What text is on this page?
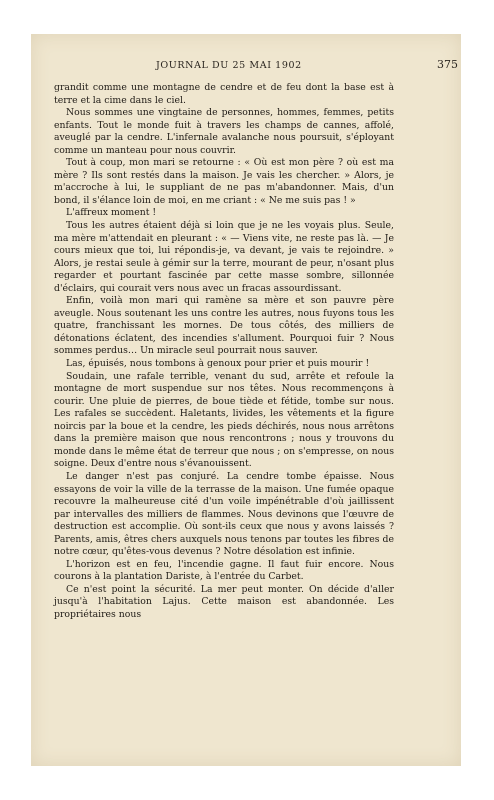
JOURNAL DU 25 MAI 1902	375

grandit comme une montagne de cendre et de feu dont la base est à terre et la cime dans le ciel.

Nous sommes une vingtaine de personnes, hommes, femmes, petits enfants. Tout le monde fuit à travers les champs de cannes, affolé, aveuglé par la cendre. L'infernale avalanche nous poursuit, s'éployant comme un manteau pour nous couvrir.

Tout à coup, mon mari se retourne : « Où est mon père ? où est ma mère ? Ils sont restés dans la maison. Je vais les chercher. » Alors, je m'accroche à lui, le suppliant de ne pas m'abandonner. Mais, d'un bond, il s'élance loin de moi, en me criant : « Ne me suis pas ! »

L'affreux moment !

Tous les autres étaient déjà si loin que je ne les voyais plus. Seule, ma mère m'attendait en pleurant : « — Viens vite, ne reste pas là. — Je cours mieux que toi, lui répondis-je, va devant, je vais te rejoindre. » Alors, je restai seule à gémir sur la terre, mourant de peur, n'osant plus regarder et pourtant fascinée par cette masse sombre, sillonnée d'éclairs, qui courait vers nous avec un fracas assourdissant.

Enfin, voilà mon mari qui ramène sa mère et son pauvre père aveugle. Nous soutenant les uns contre les autres, nous fuyons tous les quatre, franchissant les mornes. De tous côtés, des milliers de détonations éclatent, des incendies s'allument. Pourquoi fuir ? Nous sommes perdus… Un miracle seul pourrait nous sauver.

Las, épuisés, nous tombons à genoux pour prier et puis mourir !

Soudain, une rafale terrible, venant du sud, arrête et refoule la montagne de mort suspendue sur nos têtes. Nous recommençons à courir. Une pluie de pierres, de boue tiède et fétide, tombe sur nous. Les rafales se succèdent. Haletants, livides, les vêtements et la figure noircis par la boue et la cendre, les pieds déchirés, nous nous arrêtons dans la première maison que nous rencontrons ; nous y trouvons du monde dans le même état de terreur que nous ; on s'empresse, on nous soigne. Deux d'entre nous s'évanouissent.

Le danger n'est pas conjuré. La cendre tombe épaisse. Nous essayons de voir la ville de la terrasse de la maison. Une fumée opaque recouvre la malheureuse cité d'un voile impénétrable d'où jaillissent par intervalles des milliers de flammes. Nous devinons que l'œuvre de destruction est accomplie. Où sont-ils ceux que nous y avons laissés ? Parents, amis, êtres chers auxquels nous tenons par toutes les fibres de notre cœur, qu'êtes-vous devenus ? Notre désolation est infinie.

L'horizon est en feu, l'incendie gagne. Il faut fuir encore. Nous courons à la plantation Dariste, à l'entrée du Carbet.

Ce n'est point la sécurité. La mer peut monter. On décide d'aller jusqu'à l'habitation Lajus. Cette maison est abandonnée. Les propriétaires nous
